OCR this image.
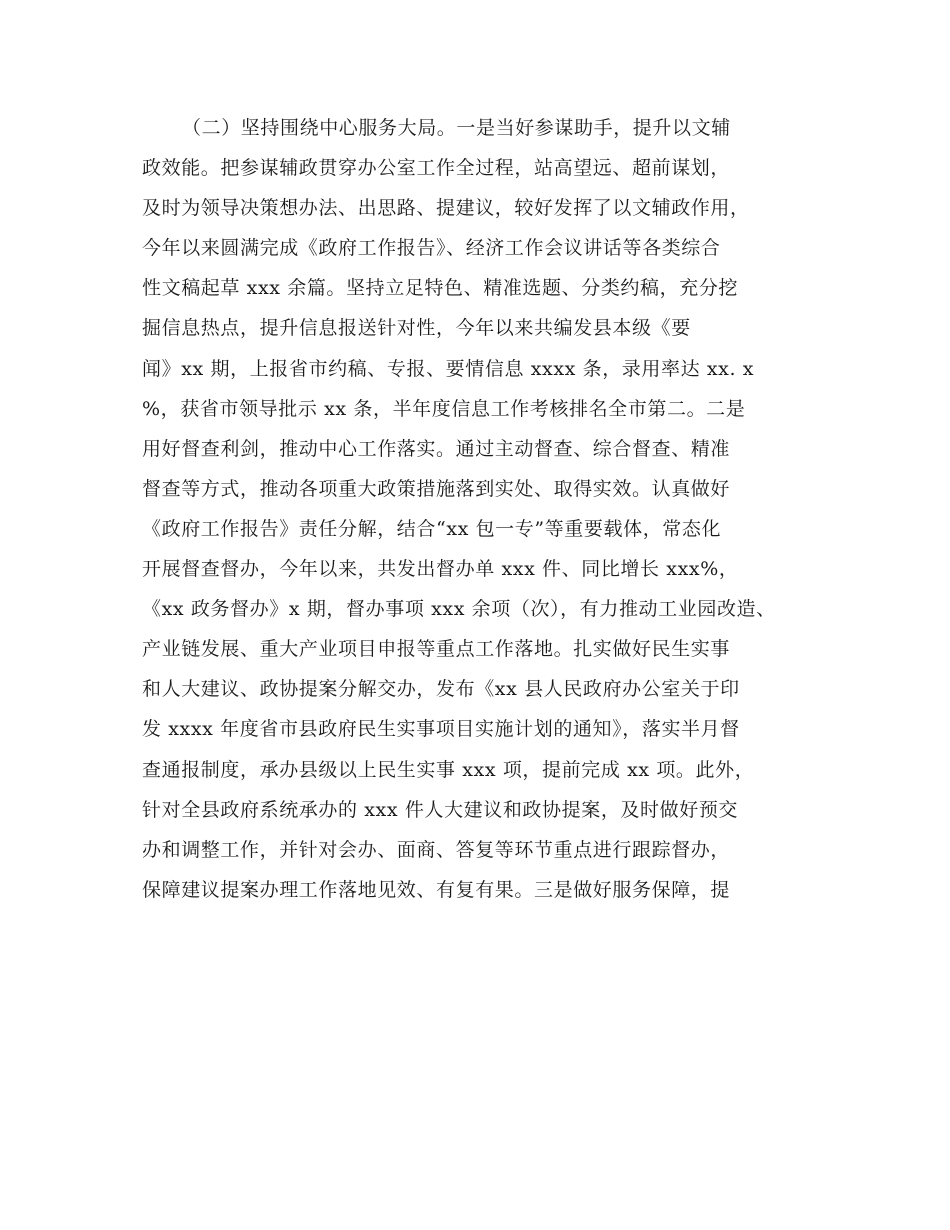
（二）坚持围绕中心服务大局。一是当好参谋助手，提升以文辅
政效能。把参谋辅政贯穿办公室工作全过程，站高望远、超前谋划，
及时为领导决策想办法、出思路、提建议，较好发挥了以文辅政作用，
今年以来圆满完成《政府工作报告》、经济工作会议讲话等各类综合
性文稿起草 xxx 余篇。坚持立足特色、精准选题、分类约稿，充分挖
掘信息热点，提升信息报送针对性，今年以来共编发县本级《要
闻》xx 期，上报省市约稿、专报、要情信息 xxxx 条，录用率达 xx. x
%，获省市领导批示 xx 条，半年度信息工作考核排名全市第二。二是
用好督查利剑，推动中心工作落实。通过主动督查、综合督查、精准
督查等方式，推动各项重大政策措施落到实处、取得实效。认真做好
《政府工作报告》责任分解，结合“xx 包一专”等重要载体，常态化
开展督查督办，今年以来，共发出督办单 xxx 件、同比增长 xxx%，
《xx 政务督办》x 期，督办事项 xxx 余项（次），有力推动工业园改造、
产业链发展、重大产业项目申报等重点工作落地。扎实做好民生实事
和人大建议、政协提案分解交办，发布《xx 县人民政府办公室关于印
发 xxxx 年度省市县政府民生实事项目实施计划的通知》，落实半月督
查通报制度，承办县级以上民生实事 xxx 项，提前完成 xx 项。此外，
针对全县政府系统承办的 xxx 件人大建议和政协提案，及时做好预交
办和调整工作，并针对会办、面商、答复等环节重点进行跟踪督办，
保障建议提案办理工作落地见效、有复有果。三是做好服务保障，提
